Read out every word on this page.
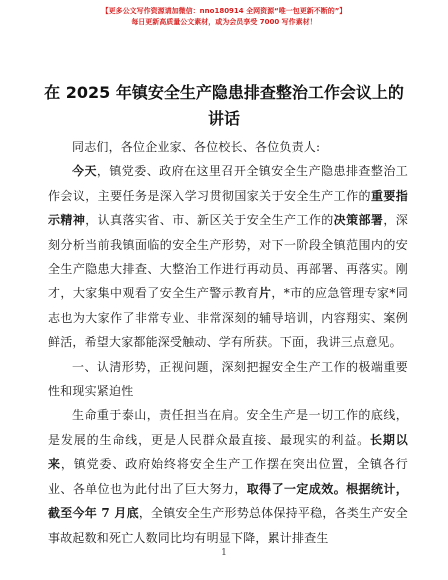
【更多公文写作资源请加微信：nno180914 全网资源“唯一包更新不断的”】
每日更新高质量公文素材，或为会员享受 7000 写作素材！
在 2025 年镇安全生产隐患排查整治工作会议上的讲话

同志们，各位企业家、各位校长、各位负责人:

今天，镇党委、政府在这里召开全镇安全生产隐患排查整治工作会议，主要任务是深入学习贯彻国家关于安全生产工作的重要指示精神，认真落实省、市、新区关于安全生产工作的决策部署，深刻分析当前我镇面临的安全生产形势，对下一阶段全镇范围内的安全生产隐患大排查、大整治工作进行再动员、再部署、再落实。刚才，大家集中观看了安全生产警示教育片，*市的应急管理专家*同志也为大家作了非常专业、非常深刻的辅导培训，内容翔实、案例鲜活，希望大家都能深受触动、学有所获。下面，我讲三点意见。

一、认清形势，正视问题，深刻把握安全生产工作的极端重要性和现实紧迫性

生命重于泰山，责任担当在肩。安全生产是一切工作的底线，是发展的生命线，更是人民群众最直接、最现实的利益。长期以来，镇党委、政府始终将安全生产工作摆在突出位置，全镇各行业、各单位也为此付出了巨大努力，取得了一定成效。根据统计，截至今年 7 月底，全镇安全生产形势总体保持平稳，各类生产安全事故起数和死亡人数同比均有明显下降，累计排查生

1
